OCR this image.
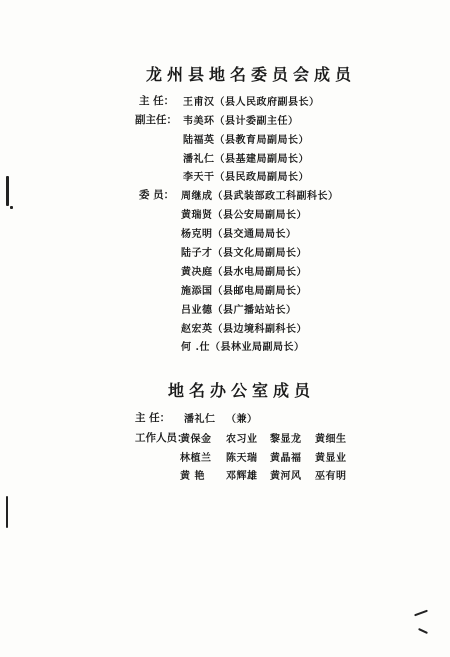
龙州县地名委员会成员
主 任： 王甫汉（县人民政府副县长）
副主任： 韦美环（县计委副主任）
陆福英（县教育局副局长）
潘礼仁（县基建局副局长）
李天干（县民政局副局长）
委 员： 周继成（县武装部政工科副科长）
黄瑞贤（县公安局副局长）
杨克明（县交通局局长）
陆子才（县文化局副局长）
黄决庭（县水电局副局长）
施添国（县邮电局副局长）
吕业德（县广播站站长）
赵宏英（县边境科副科长）
何 .仕（县林业局副局长）
地名办公室成员
主 任： 潘礼仁 （兼）
工作人员：
黄保金 农习业 黎显龙 黄细生
林植兰 陈天瑞 黄晶福 黄显业
黄 艳 邓辉雄 黄河风 巫有明
